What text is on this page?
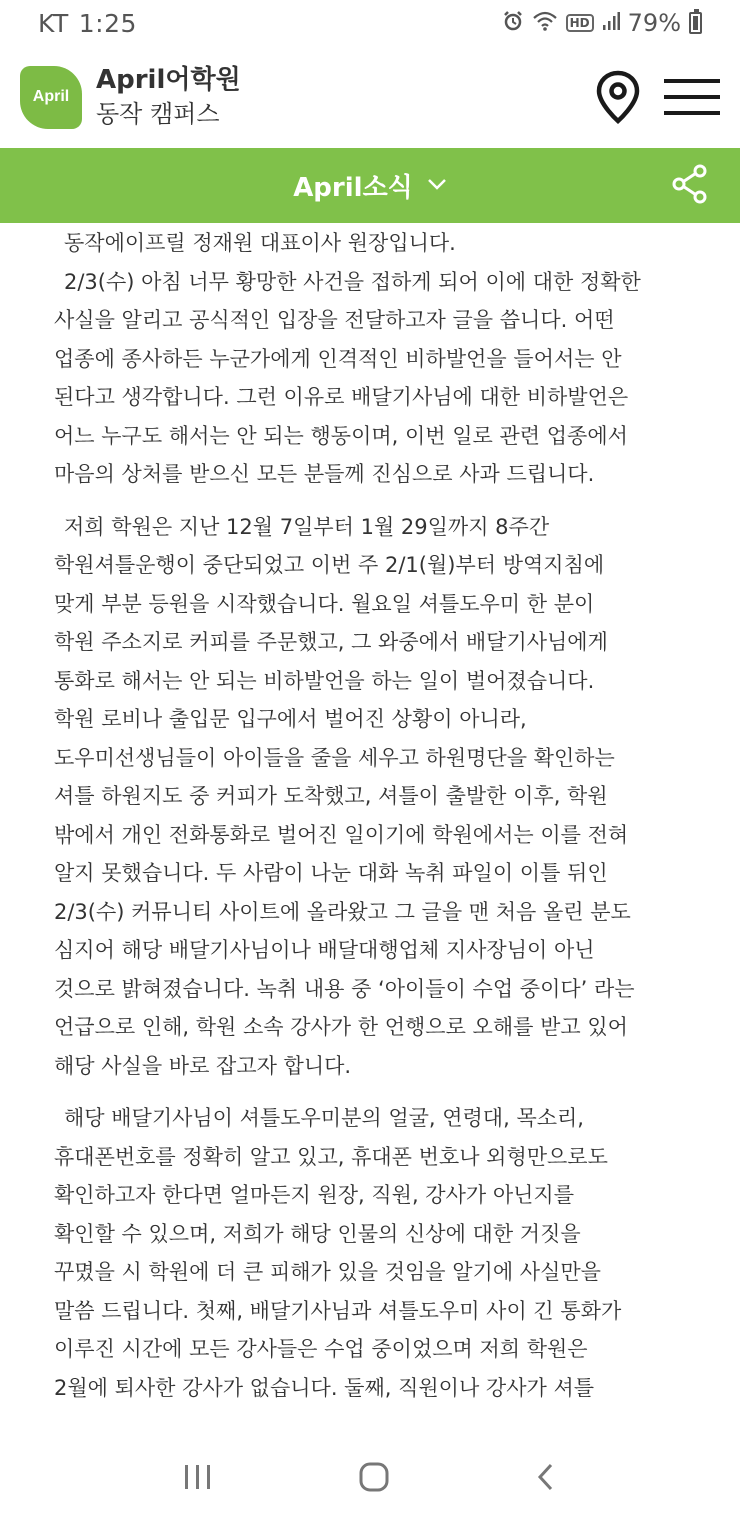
KT 1:25	HD 79%
April
April어학원
동작 캠퍼스
April소식

동작에이프릴 정재원 대표이사 원장입니다.

2/3(수) 아침 너무 황망한 사건을 접하게 되어 이에 대한 정확한

사실을 알리고 공식적인 입장을 전달하고자 글을 씁니다. 어떤

업종에 종사하든 누군가에게 인격적인 비하발언을 들어서는 안

된다고 생각합니다. 그런 이유로 배달기사님에 대한 비하발언은

어느 누구도 해서는 안 되는 행동이며, 이번 일로 관련 업종에서

마음의 상처를 받으신 모든 분들께 진심으로 사과 드립니다.

저희 학원은 지난 12월 7일부터 1월 29일까지 8주간

학원셔틀운행이 중단되었고 이번 주 2/1(월)부터 방역지침에

맞게 부분 등원을 시작했습니다. 월요일 셔틀도우미 한 분이

학원 주소지로 커피를 주문했고, 그 와중에서 배달기사님에게

통화로 해서는 안 되는 비하발언을 하는 일이 벌어졌습니다.

학원 로비나 출입문 입구에서 벌어진 상황이 아니라,

도우미선생님들이 아이들을 줄을 세우고 하원명단을 확인하는

셔틀 하원지도 중 커피가 도착했고, 셔틀이 출발한 이후, 학원

밖에서 개인 전화통화로 벌어진 일이기에 학원에서는 이를 전혀

알지 못했습니다. 두 사람이 나눈 대화 녹취 파일이 이틀 뒤인

2/3(수) 커뮤니티 사이트에 올라왔고 그 글을 맨 처음 올린 분도

심지어 해당 배달기사님이나 배달대행업체 지사장님이 아닌

것으로 밝혀졌습니다. 녹취 내용 중 ‘아이들이 수업 중이다’ 라는

언급으로 인해, 학원 소속 강사가 한 언행으로 오해를 받고 있어

해당 사실을 바로 잡고자 합니다.

해당 배달기사님이 셔틀도우미분의 얼굴, 연령대, 목소리,

휴대폰번호를 정확히 알고 있고, 휴대폰 번호나 외형만으로도

확인하고자 한다면 얼마든지 원장, 직원, 강사가 아닌지를

확인할 수 있으며, 저희가 해당 인물의 신상에 대한 거짓을

꾸몄을 시 학원에 더 큰 피해가 있을 것임을 알기에 사실만을

말씀 드립니다. 첫째, 배달기사님과 셔틀도우미 사이 긴 통화가

이루진 시간에 모든 강사들은 수업 중이었으며 저희 학원은

2월에 퇴사한 강사가 없습니다. 둘째, 직원이나 강사가 셔틀
